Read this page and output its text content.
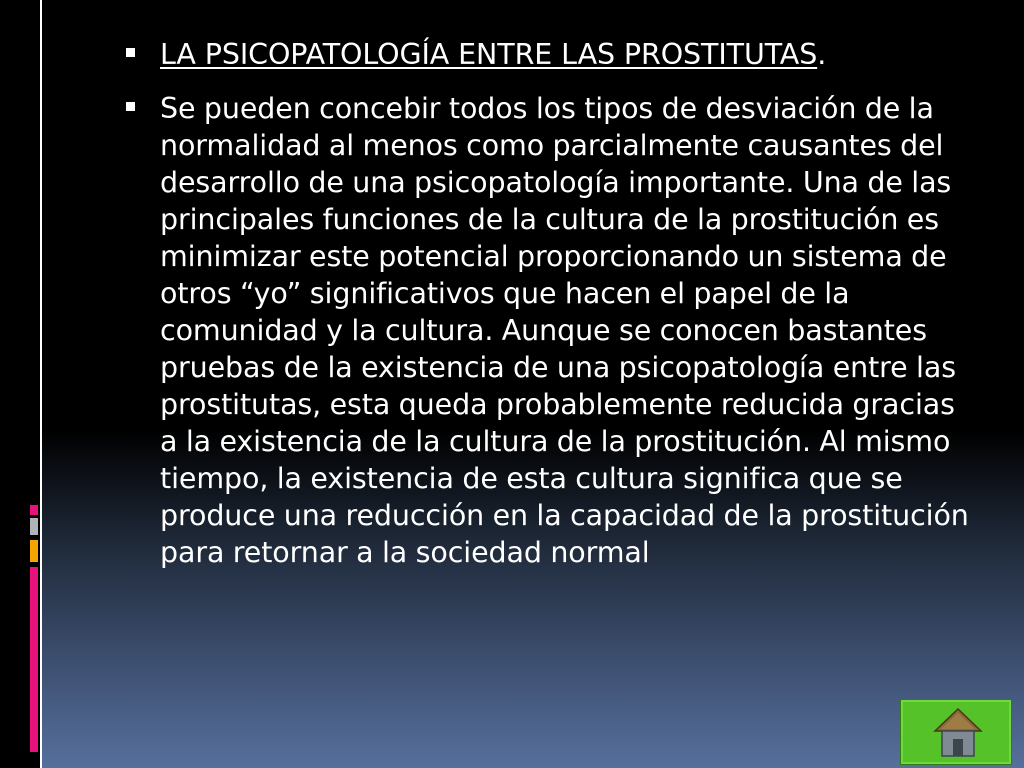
LA PSICOPATOLOGÍA ENTRE LAS PROSTITUTAS.
Se pueden concebir todos los tipos de desviación de la normalidad al menos como parcialmente causantes del desarrollo de una psicopatología importante. Una de las principales funciones de la cultura de la prostitución es minimizar este potencial proporcionando un sistema de otros “yo” significativos que hacen el papel de la comunidad y la cultura. Aunque se conocen bastantes pruebas de la existencia de una psicopatología entre las prostitutas, esta queda probablemente reducida gracias a la existencia de la cultura de la prostitución. Al mismo tiempo, la existencia de esta cultura significa que se produce una reducción en la capacidad de la prostitución para retornar a la sociedad normal
